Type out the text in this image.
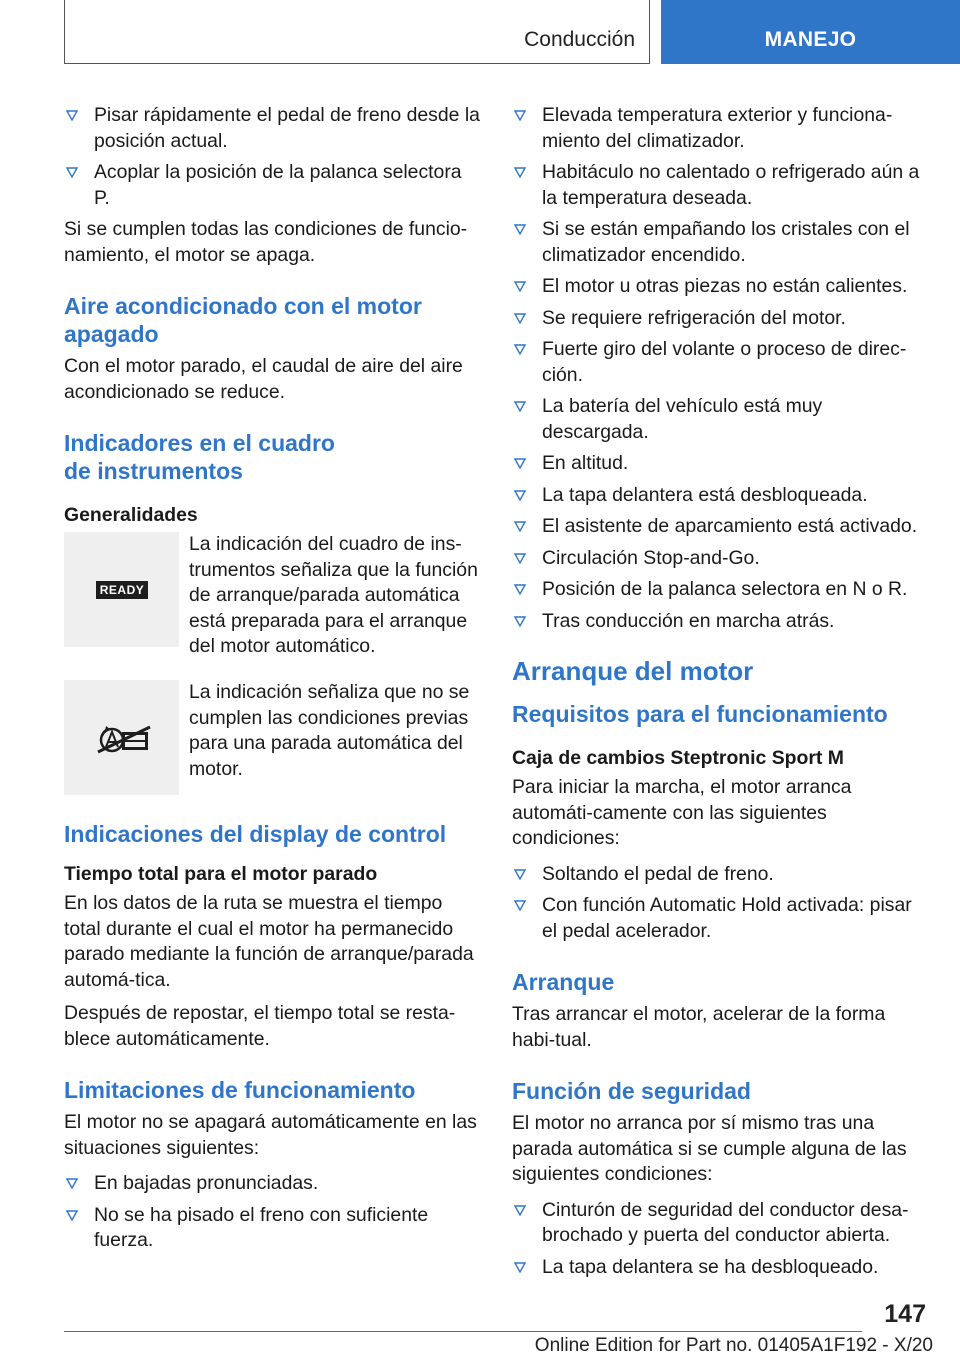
Conducción	MANEJO
Pisar rápidamente el pedal de freno desde la posición actual.
Acoplar la posición de la palanca selectora P.

Si se cumplen todas las condiciones de funcio-namiento, el motor se apaga.

Aire acondicionado con el motor apagado

Con el motor parado, el caudal de aire del aire acondicionado se reduce.

Indicadores en el cuadro de instrumentos
Generalidades
READY

La indicación del cuadro de ins-trumentos señaliza que la función de arranque/parada automática está preparada para el arranque del motor automático.

La indicación señaliza que no se cumplen las condiciones previas para una parada automática del motor.

Indicaciones del display de control
Tiempo total para el motor parado

En los datos de la ruta se muestra el tiempo total durante el cual el motor ha permanecido parado mediante la función de arranque/parada automá-tica.

Después de repostar, el tiempo total se resta-blece automáticamente.

Limitaciones de funcionamiento

El motor no se apagará automáticamente en las situaciones siguientes:

En bajadas pronunciadas.
No se ha pisado el freno con suficiente fuerza.
Elevada temperatura exterior y funciona-miento del climatizador.
Habitáculo no calentado o refrigerado aún a la temperatura deseada.
Si se están empañando los cristales con el climatizador encendido.
El motor u otras piezas no están calientes.
Se requiere refrigeración del motor.
Fuerte giro del volante o proceso de direc-ción.
La batería del vehículo está muy descargada.
En altitud.
La tapa delantera está desbloqueada.
El asistente de aparcamiento está activado.
Circulación Stop-and-Go.
Posición de la palanca selectora en N o R.
Tras conducción en marcha atrás.
Arranque del motor
Requisitos para el funcionamiento
Caja de cambios Steptronic Sport M

Para iniciar la marcha, el motor arranca automáti-camente con las siguientes condiciones:

Soltando el pedal de freno.
Con función Automatic Hold activada: pisar el pedal acelerador.
Arranque

Tras arrancar el motor, acelerar de la forma habi-tual.

Función de seguridad

El motor no arranca por sí mismo tras una parada automática si se cumple alguna de las siguientes condiciones:

Cinturón de seguridad del conductor desa-brochado y puerta del conductor abierta.
La tapa delantera se ha desbloqueado.
147
Online Edition for Part no. 01405A1F192 - X/20
